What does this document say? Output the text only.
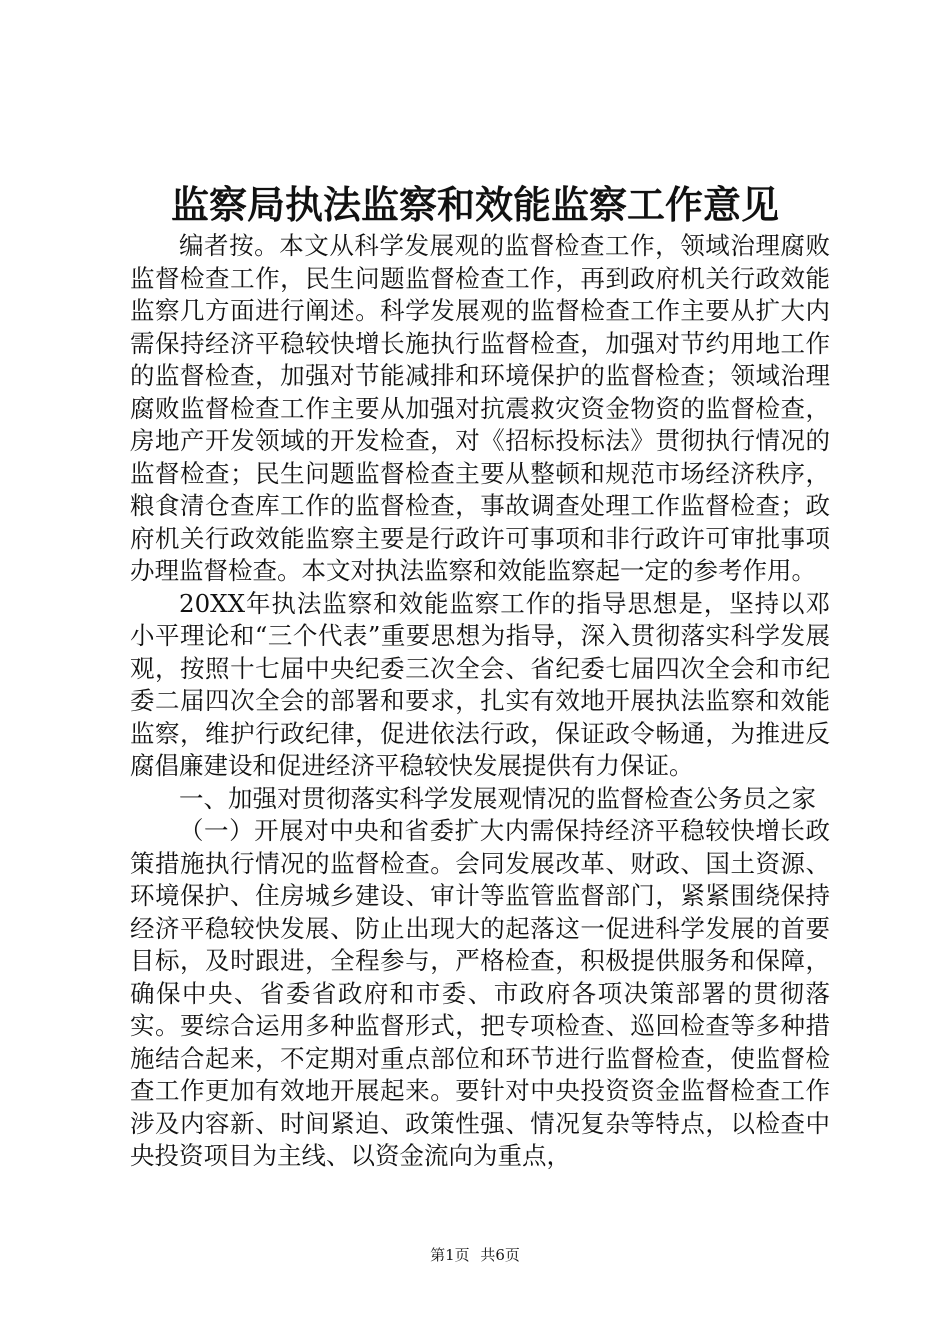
监察局执法监察和效能监察工作意见

编者按。本文从科学发展观的监督检查工作，领域治理腐败监督检查工作，民生问题监督检查工作，再到政府机关行政效能监察几方面进行阐述。科学发展观的监督检查工作主要从扩大内需保持经济平稳较快增长施执行监督检查，加强对节约用地工作的监督检查，加强对节能减排和环境保护的监督检查；领域治理腐败监督检查工作主要从加强对抗震救灾资金物资的监督检查，房地产开发领域的开发检查，对《招标投标法》贯彻执行情况的监督检查；民生问题监督检查主要从整顿和规范市场经济秩序，粮食清仓查库工作的监督检查，事故调查处理工作监督检查；政府机关行政效能监察主要是行政许可事项和非行政许可审批事项办理监督检查。本文对执法监察和效能监察起一定的参考作用。

20XX年执法监察和效能监察工作的指导思想是，坚持以邓小平理论和“三个代表”重要思想为指导，深入贯彻落实科学发展观，按照十七届中央纪委三次全会、省纪委七届四次全会和市纪委二届四次全会的部署和要求，扎实有效地开展执法监察和效能监察，维护行政纪律，促进依法行政，保证政令畅通，为推进反腐倡廉建设和促进经济平稳较快发展提供有力保证。

一、加强对贯彻落实科学发展观情况的监督检查公务员之家

（一）开展对中央和省委扩大内需保持经济平稳较快增长政策措施执行情况的监督检查。会同发展改革、财政、国土资源、环境保护、住房城乡建设、审计等监管监督部门，紧紧围绕保持经济平稳较快发展、防止出现大的起落这一促进科学发展的首要目标，及时跟进，全程参与，严格检查，积极提供服务和保障，确保中央、省委省政府和市委、市政府各项决策部署的贯彻落实。要综合运用多种监督形式，把专项检查、巡回检查等多种措施结合起来，不定期对重点部位和环节进行监督检查，使监督检查工作更加有效地开展起来。要针对中央投资资金监督检查工作涉及内容新、时间紧迫、政策性强、情况复杂等特点，以检查中央投资项目为主线、以资金流向为重点，

第1页 共6页
